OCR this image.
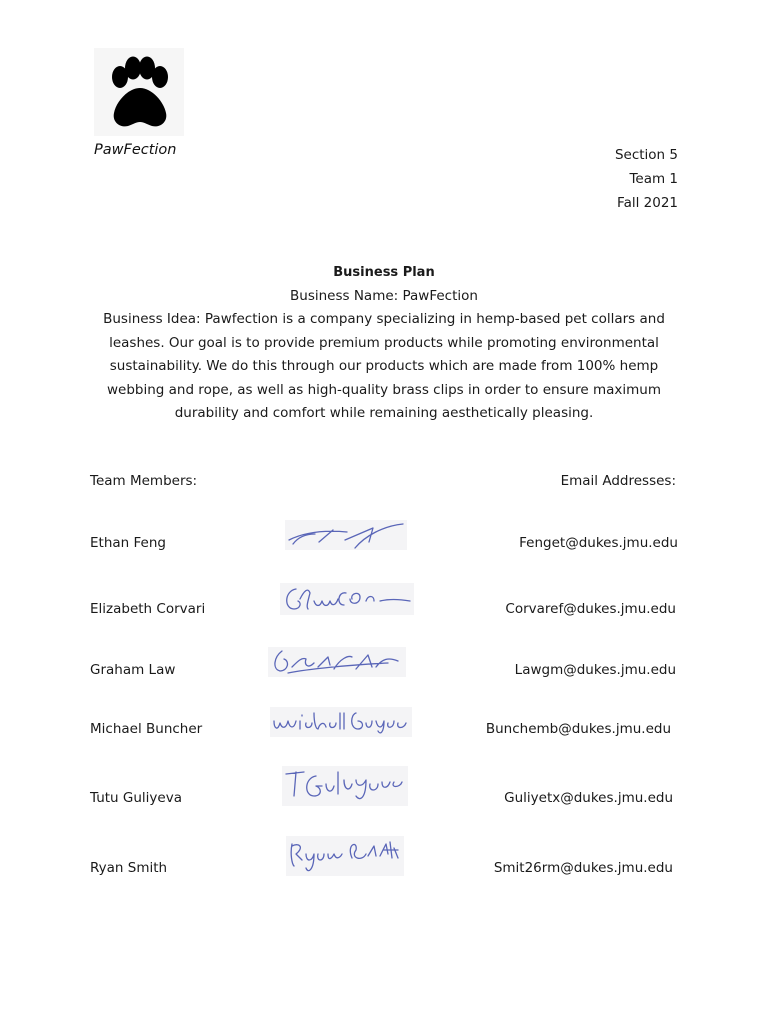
PawFection	Section 5
Team 1
Fall 2021
Business Plan
Business Name: PawFection

Business Idea: Pawfection is a company specializing in hemp-based pet collars and leashes. Our goal is to provide premium products while promoting environmental sustainability. We do this through our products which are made from 100% hemp webbing and rope, as well as high-quality brass clips in order to ensure maximum durability and comfort while remaining aesthetically pleasing.

Team Members:	Email Addresses:
Ethan Feng	Fenget@dukes.jmu.edu
Elizabeth Corvari	Corvaref@dukes.jmu.edu
Graham Law	Lawgm@dukes.jmu.edu
Michael Buncher	Bunchemb@dukes.jmu.edu
Tutu Guliyeva	Guliyetx@dukes.jmu.edu
Ryan Smith	Smit26rm@dukes.jmu.edu
